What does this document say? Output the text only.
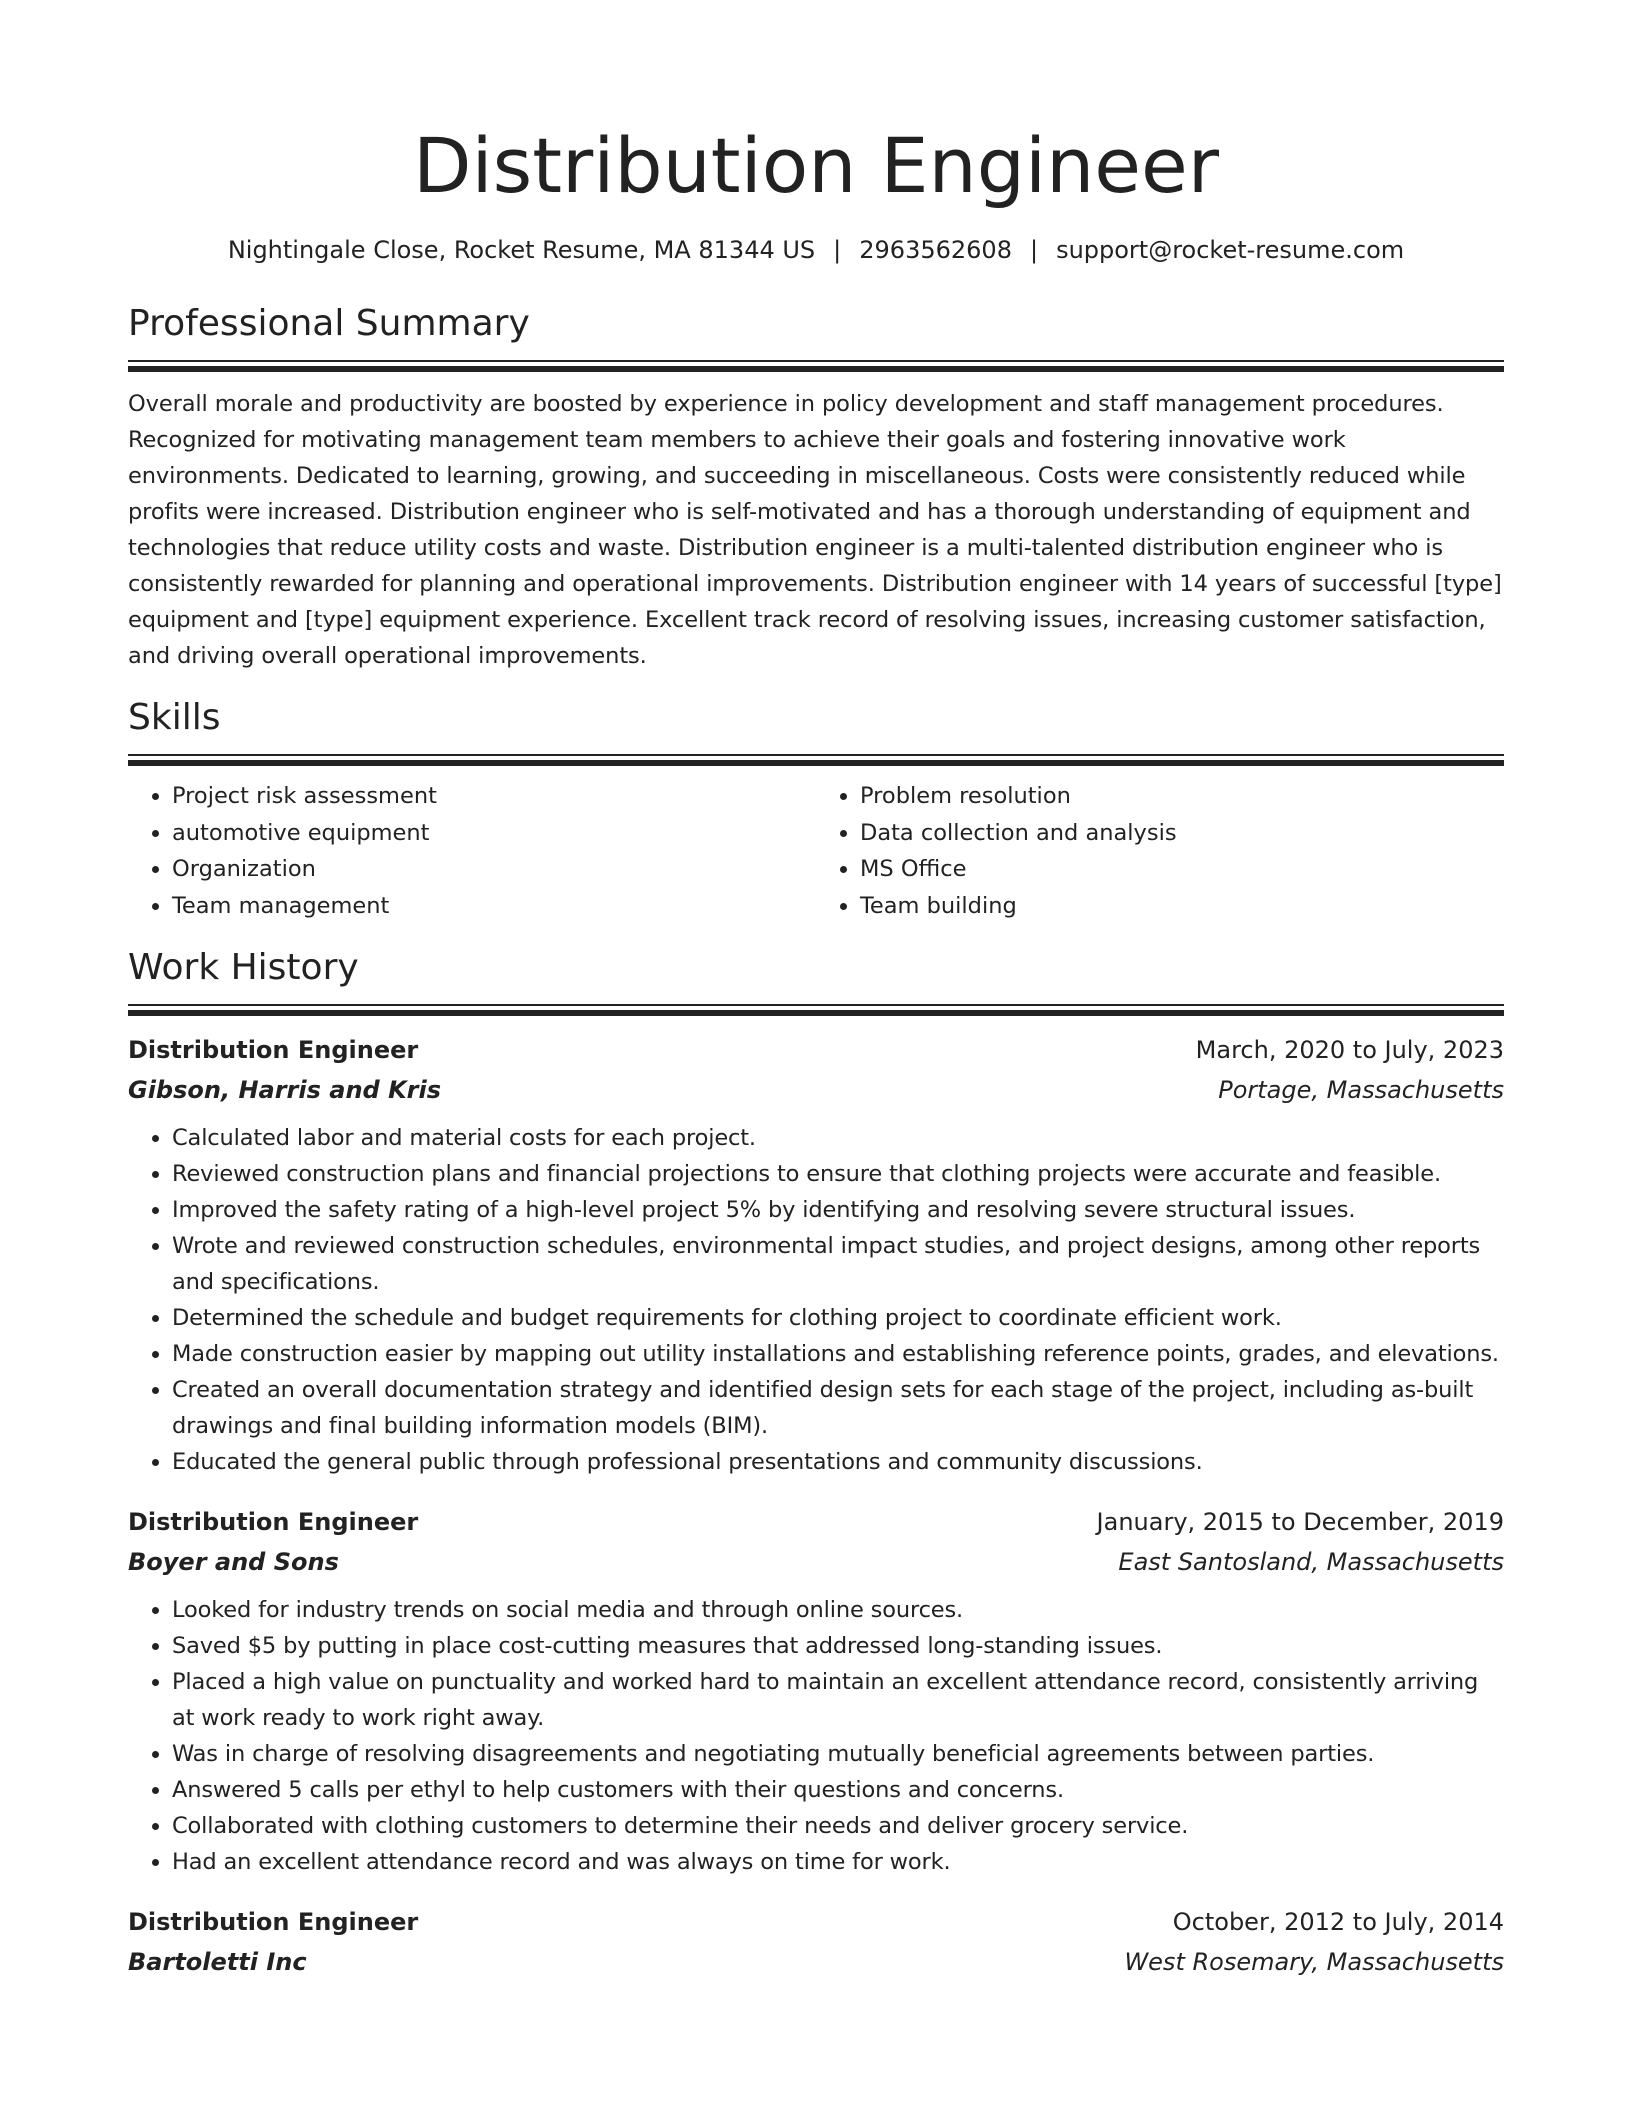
Distribution Engineer
Nightingale Close, Rocket Resume, MA 81344 US | 2963562608 | support@rocket-resume.com
Professional Summary
Overall morale and productivity are boosted by experience in policy development and staff management procedures. Recognized for motivating management team members to achieve their goals and fostering innovative work environments. Dedicated to learning, growing, and succeeding in miscellaneous. Costs were consistently reduced while profits were increased. Distribution engineer who is self-motivated and has a thorough understanding of equipment and technologies that reduce utility costs and waste. Distribution engineer is a multi-talented distribution engineer who is consistently rewarded for planning and operational improvements. Distribution engineer with 14 years of successful [type] equipment and [type] equipment experience. Excellent track record of resolving issues, increasing customer satisfaction, and driving overall operational improvements.
Skills
• Project risk assessment
• automotive equipment
• Organization
• Team management
• Problem resolution
• Data collection and analysis
• MS Office
• Team building
Work History
Distribution Engineer	March, 2020 to July, 2023
Gibson, Harris and Kris	Portage, Massachusetts
• Calculated labor and material costs for each project.
• Reviewed construction plans and financial projections to ensure that clothing projects were accurate and feasible.
• Improved the safety rating of a high-level project 5% by identifying and resolving severe structural issues.
• Wrote and reviewed construction schedules, environmental impact studies, and project designs, among other reports and specifications.
• Determined the schedule and budget requirements for clothing project to coordinate efficient work.
• Made construction easier by mapping out utility installations and establishing reference points, grades, and elevations.
• Created an overall documentation strategy and identified design sets for each stage of the project, including as-built drawings and final building information models (BIM).
• Educated the general public through professional presentations and community discussions.
Distribution Engineer	January, 2015 to December, 2019
Boyer and Sons	East Santosland, Massachusetts
• Looked for industry trends on social media and through online sources.
• Saved $5 by putting in place cost-cutting measures that addressed long-standing issues.
• Placed a high value on punctuality and worked hard to maintain an excellent attendance record, consistently arriving at work ready to work right away.
• Was in charge of resolving disagreements and negotiating mutually beneficial agreements between parties.
• Answered 5 calls per ethyl to help customers with their questions and concerns.
• Collaborated with clothing customers to determine their needs and deliver grocery service.
• Had an excellent attendance record and was always on time for work.
Distribution Engineer	October, 2012 to July, 2014
Bartoletti Inc	West Rosemary, Massachusetts
